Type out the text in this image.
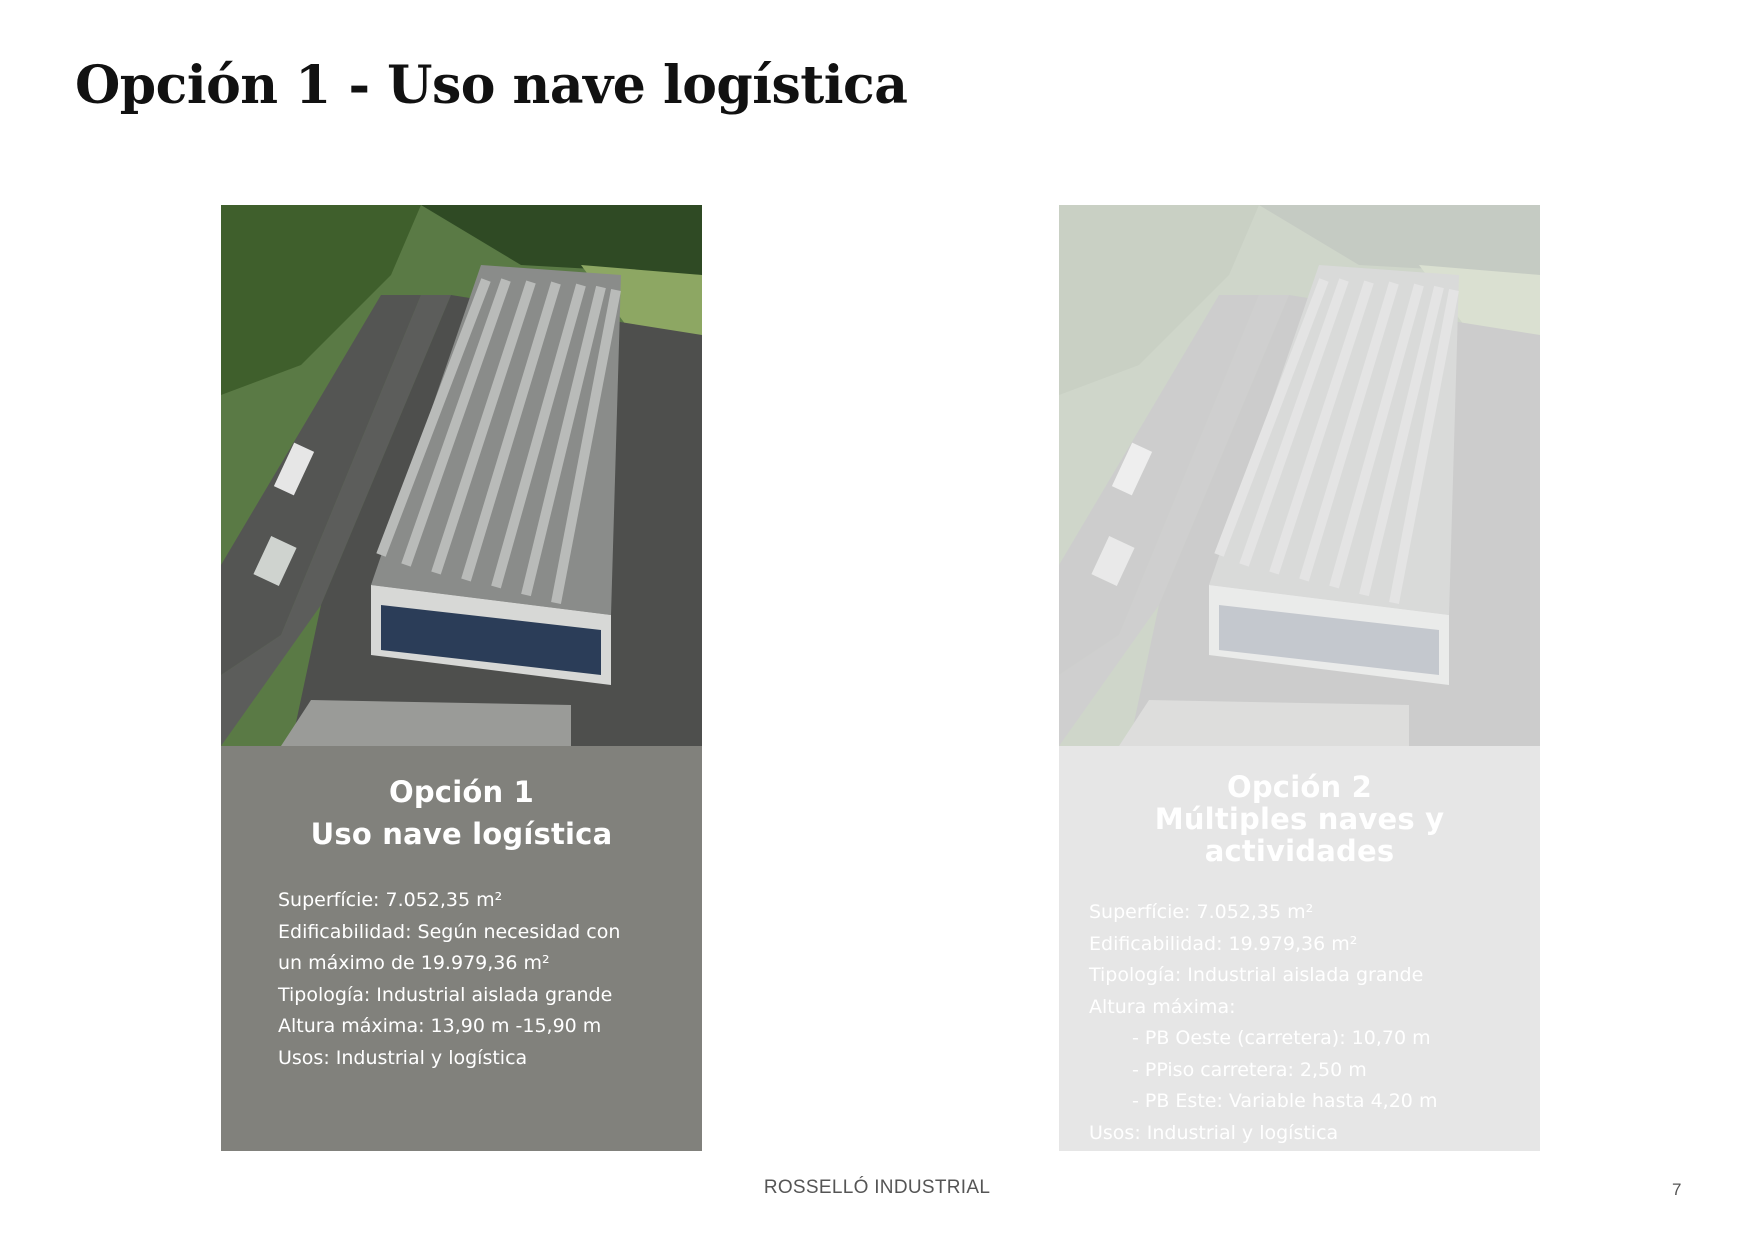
Opción 1 - Uso nave logística
Opción 1
Uso nave logística
Superfície: 7.052,35 m²
Edificabilidad: Según necesidad con
un máximo de 19.979,36 m²
Tipología: Industrial aislada grande
Altura máxima: 13,90 m -15,90 m
Usos: Industrial y logística
Opción 2
Múltiples naves y actividades
Superfície: 7.052,35 m²
Edificabilidad: 19.979,36 m²
Tipología: Industrial aislada grande
Altura máxima:
- PB Oeste (carretera): 10,70 m
- PPiso carretera: 2,50 m
- PB Este: Variable hasta 4,20 m
Usos: Industrial y logística
ROSSELLÓ INDUSTRIAL	7
